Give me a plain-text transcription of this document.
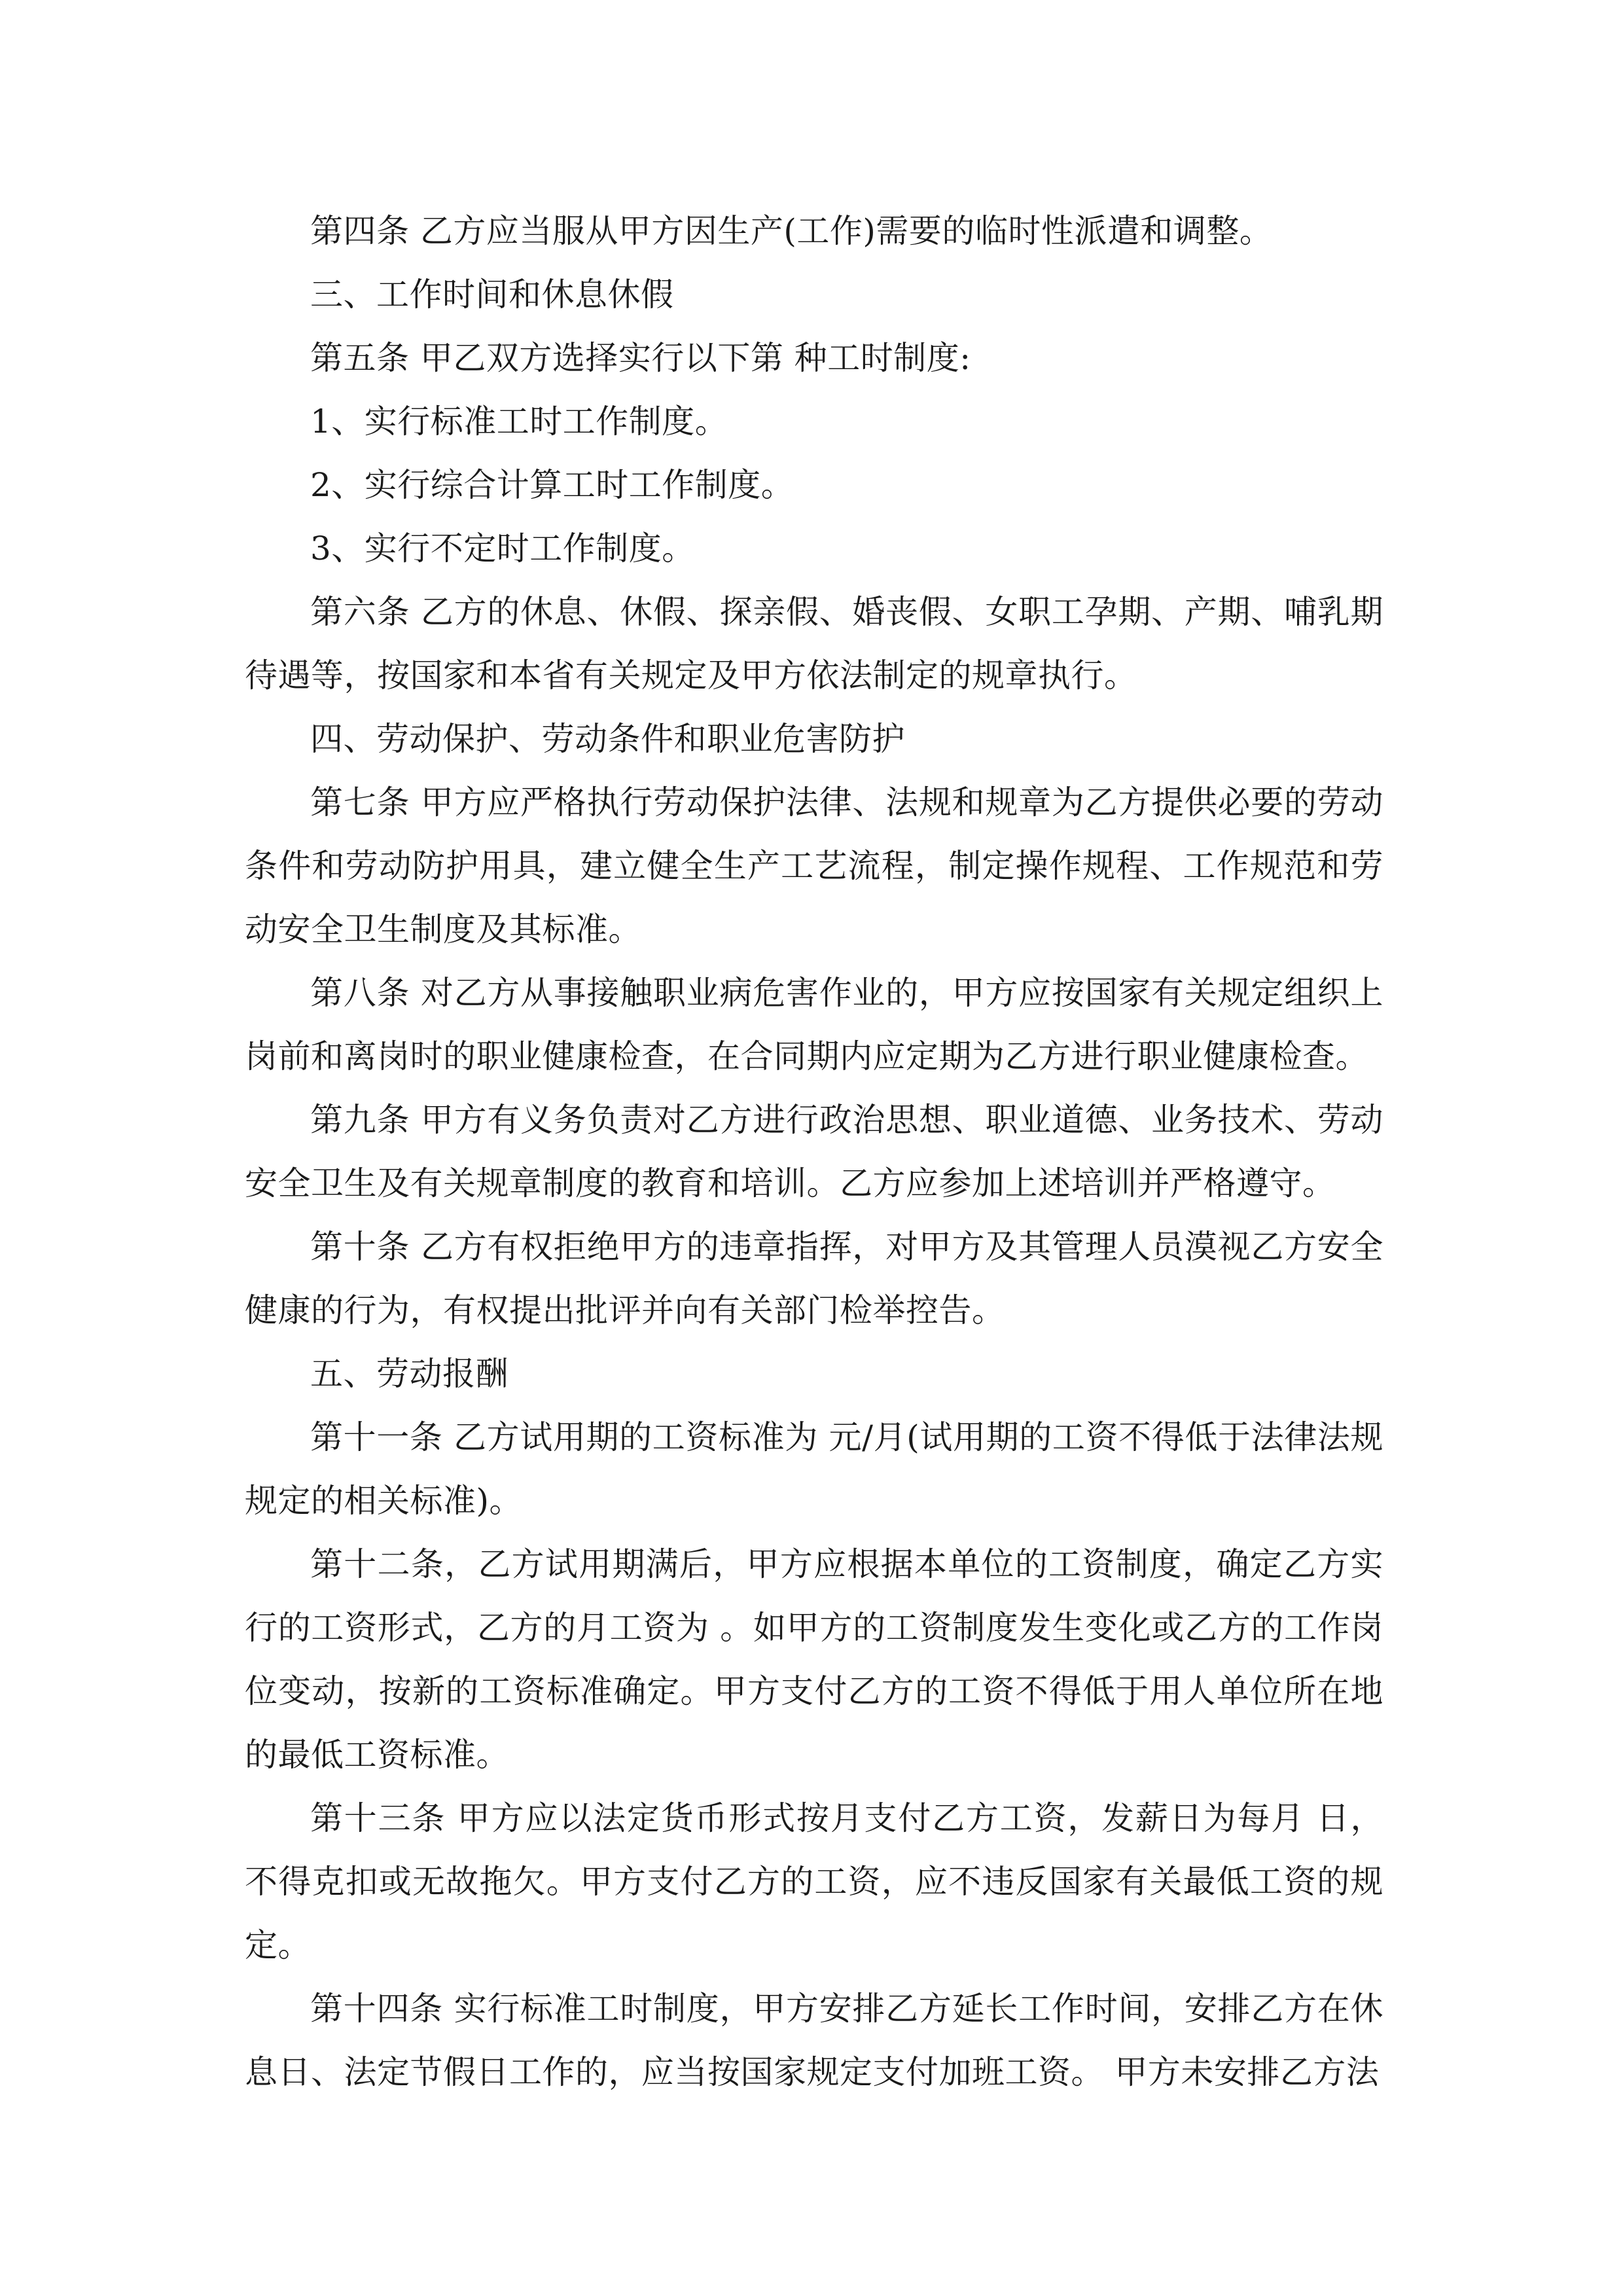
第四条 乙方应当服从甲方因生产(工作)需要的临时性派遣和调整。

三、工作时间和休息休假

第五条 甲乙双方选择实行以下第 种工时制度:

1、实行标准工时工作制度。

2、实行综合计算工时工作制度。

3、实行不定时工作制度。

第六条 乙方的休息、休假、探亲假、婚丧假、女职工孕期、产期、哺乳期待遇等，按国家和本省有关规定及甲方依法制定的规章执行。

四、劳动保护、劳动条件和职业危害防护

第七条 甲方应严格执行劳动保护法律、法规和规章为乙方提供必要的劳动条件和劳动防护用具，建立健全生产工艺流程，制定操作规程、工作规范和劳动安全卫生制度及其标准。

第八条 对乙方从事接触职业病危害作业的，甲方应按国家有关规定组织上岗前和离岗时的职业健康检查，在合同期内应定期为乙方进行职业健康检查。

第九条 甲方有义务负责对乙方进行政治思想、职业道德、业务技术、劳动安全卫生及有关规章制度的教育和培训。乙方应参加上述培训并严格遵守。

第十条 乙方有权拒绝甲方的违章指挥，对甲方及其管理人员漠视乙方安全健康的行为，有权提出批评并向有关部门检举控告。

五、劳动报酬

第十一条 乙方试用期的工资标准为 元/月(试用期的工资不得低于法律法规规定的相关标准)。

第十二条，乙方试用期满后，甲方应根据本单位的工资制度，确定乙方实行的工资形式，乙方的月工资为 。如甲方的工资制度发生变化或乙方的工作岗位变动，按新的工资标准确定。甲方支付乙方的工资不得低于用人单位所在地的最低工资标准。

第十三条 甲方应以法定货币形式按月支付乙方工资，发薪日为每月 日，不得克扣或无故拖欠。甲方支付乙方的工资，应不违反国家有关最低工资的规定。

第十四条 实行标准工时制度，甲方安排乙方延长工作时间，安排乙方在休息日、法定节假日工作的，应当按国家规定支付加班工资。 甲方未安排乙方法
